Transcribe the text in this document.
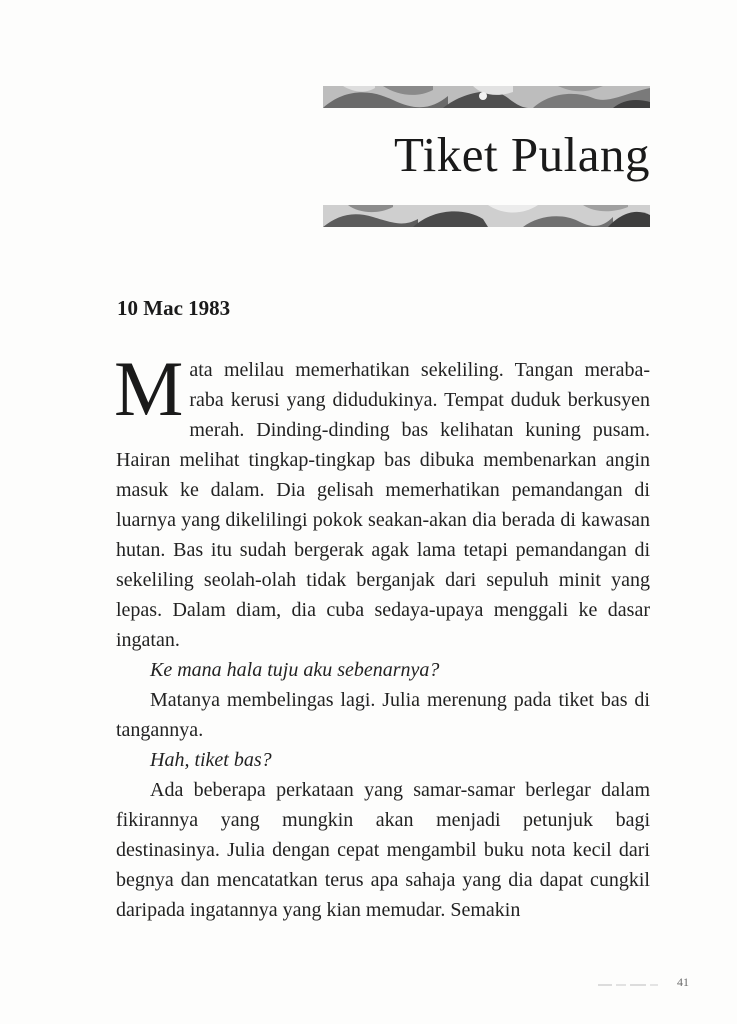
Tiket Pulang
10 Mac 1983

Mata melilau memerhatikan sekeliling. Tangan meraba-raba kerusi yang didudukinya. Tempat duduk berkusyen merah. Dinding-dinding bas kelihatan kuning pusam. Hairan melihat tingkap-tingkap bas dibuka membenarkan angin masuk ke dalam. Dia gelisah memerhatikan pemandangan di luarnya yang dikelilingi pokok seakan-akan dia berada di kawasan hutan. Bas itu sudah bergerak agak lama tetapi pemandangan di sekeliling seolah-olah tidak berganjak dari sepuluh minit yang lepas. Dalam diam, dia cuba sedaya-upaya menggali ke dasar ingatan.

Ke mana hala tuju aku sebenarnya?

Matanya membelingas lagi. Julia merenung pada tiket bas di tangannya.

Hah, tiket bas?

Ada beberapa perkataan yang samar-samar berlegar dalam fikirannya yang mungkin akan menjadi petunjuk bagi destinasinya. Julia dengan cepat mengambil buku nota kecil dari begnya dan mencatatkan terus apa sahaja yang dia dapat cungkil daripada ingatannya yang kian memudar. Semakin

41
